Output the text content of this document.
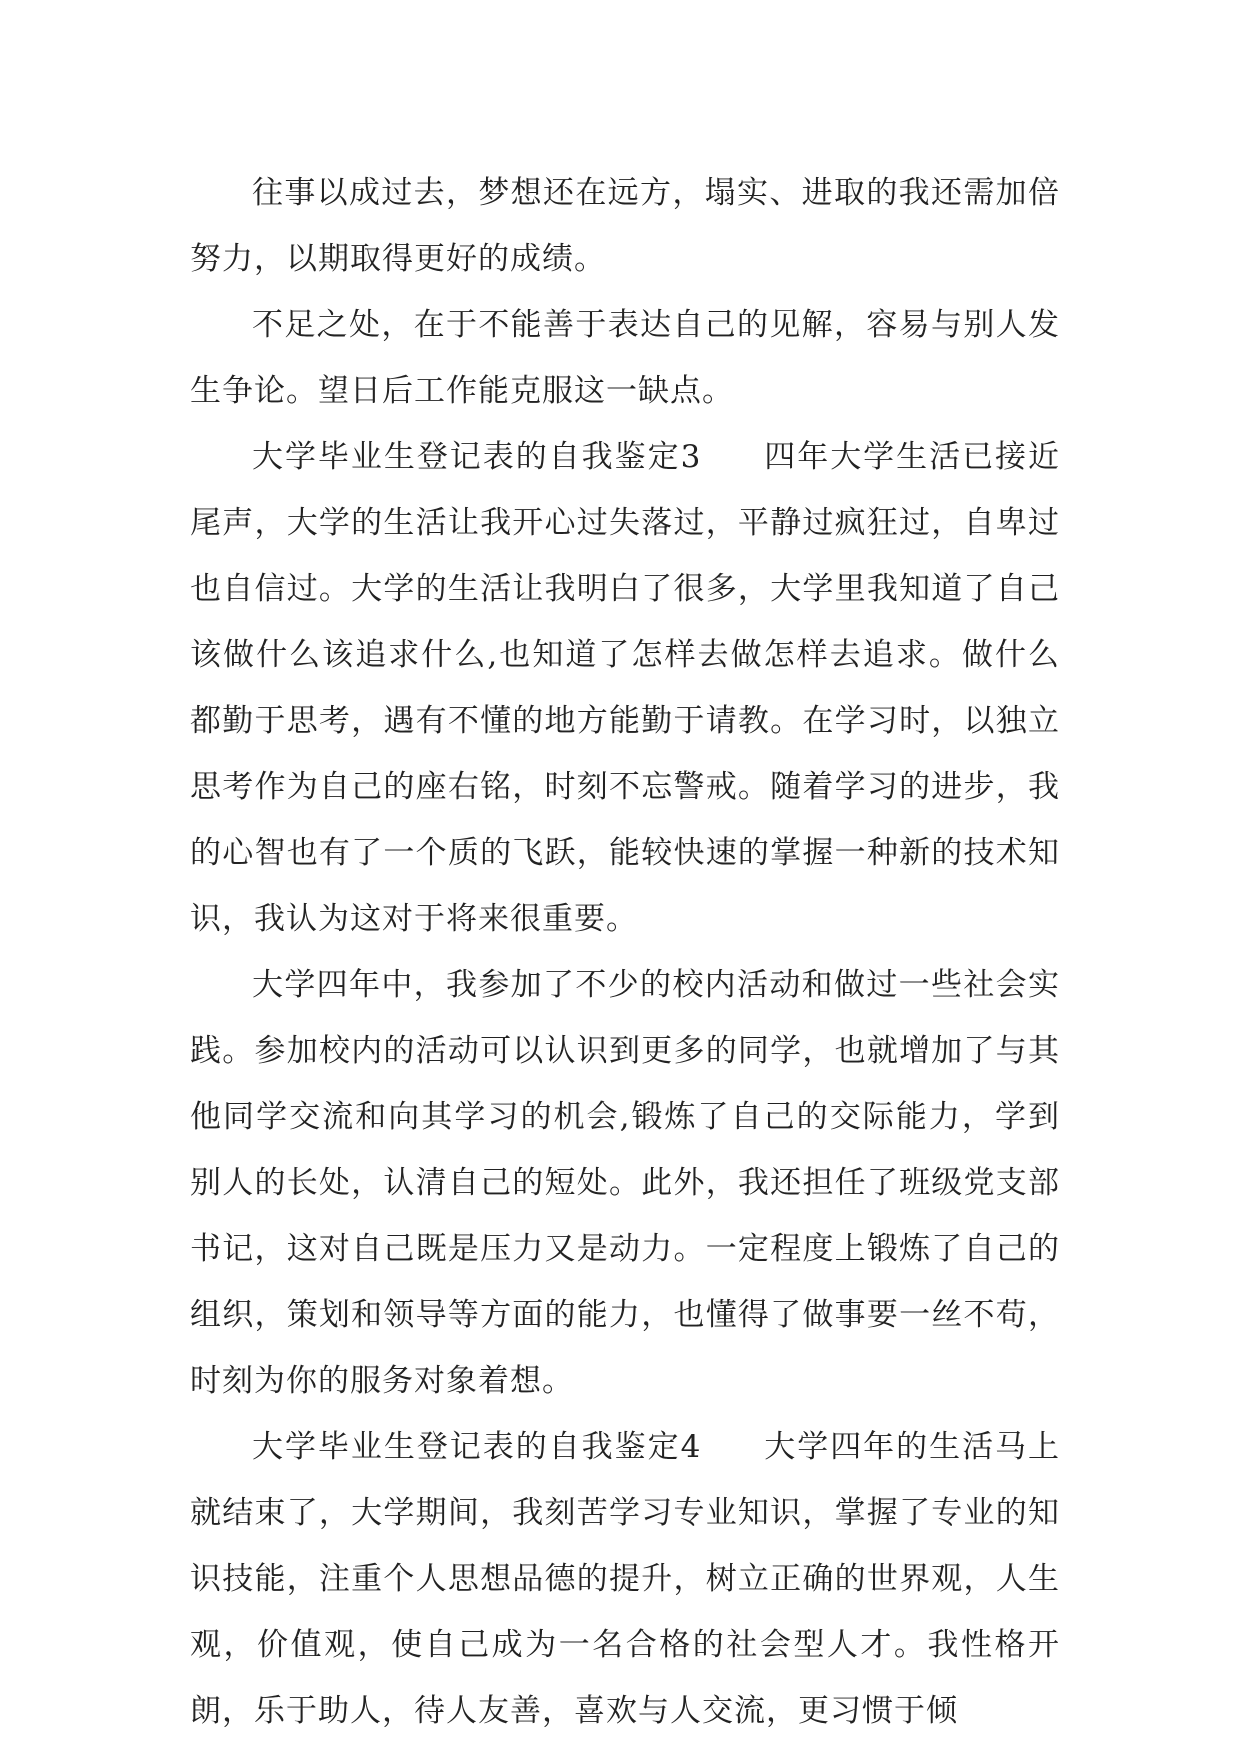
往事以成过去，梦想还在远方，塌实、进取的我还需加倍努力，以期取得更好的成绩。

不足之处，在于不能善于表达自己的见解，容易与别人发生争论。望日后工作能克服这一缺点。

大学毕业生登记表的自我鉴定3 四年大学生活已接近尾声，大学的生活让我开心过失落过，平静过疯狂过，自卑过也自信过。大学的生活让我明白了很多，大学里我知道了自己该做什么该追求什么,也知道了怎样去做怎样去追求。做什么都勤于思考，遇有不懂的地方能勤于请教。在学习时，以独立思考作为自己的座右铭，时刻不忘警戒。随着学习的进步，我的心智也有了一个质的飞跃，能较快速的掌握一种新的技术知识，我认为这对于将来很重要。

大学四年中，我参加了不少的校内活动和做过一些社会实践。参加校内的活动可以认识到更多的同学，也就增加了与其他同学交流和向其学习的机会,锻炼了自己的交际能力，学到别人的长处，认清自己的短处。此外，我还担任了班级党支部书记，这对自己既是压力又是动力。一定程度上锻炼了自己的组织，策划和领导等方面的能力，也懂得了做事要一丝不苟，时刻为你的服务对象着想。

大学毕业生登记表的自我鉴定4 大学四年的生活马上就结束了，大学期间，我刻苦学习专业知识，掌握了专业的知识技能，注重个人思想品德的提升，树立正确的世界观，人生观，价值观，使自己成为一名合格的社会型人才。我性格开朗，乐于助人，待人友善，喜欢与人交流，更习惯于倾
